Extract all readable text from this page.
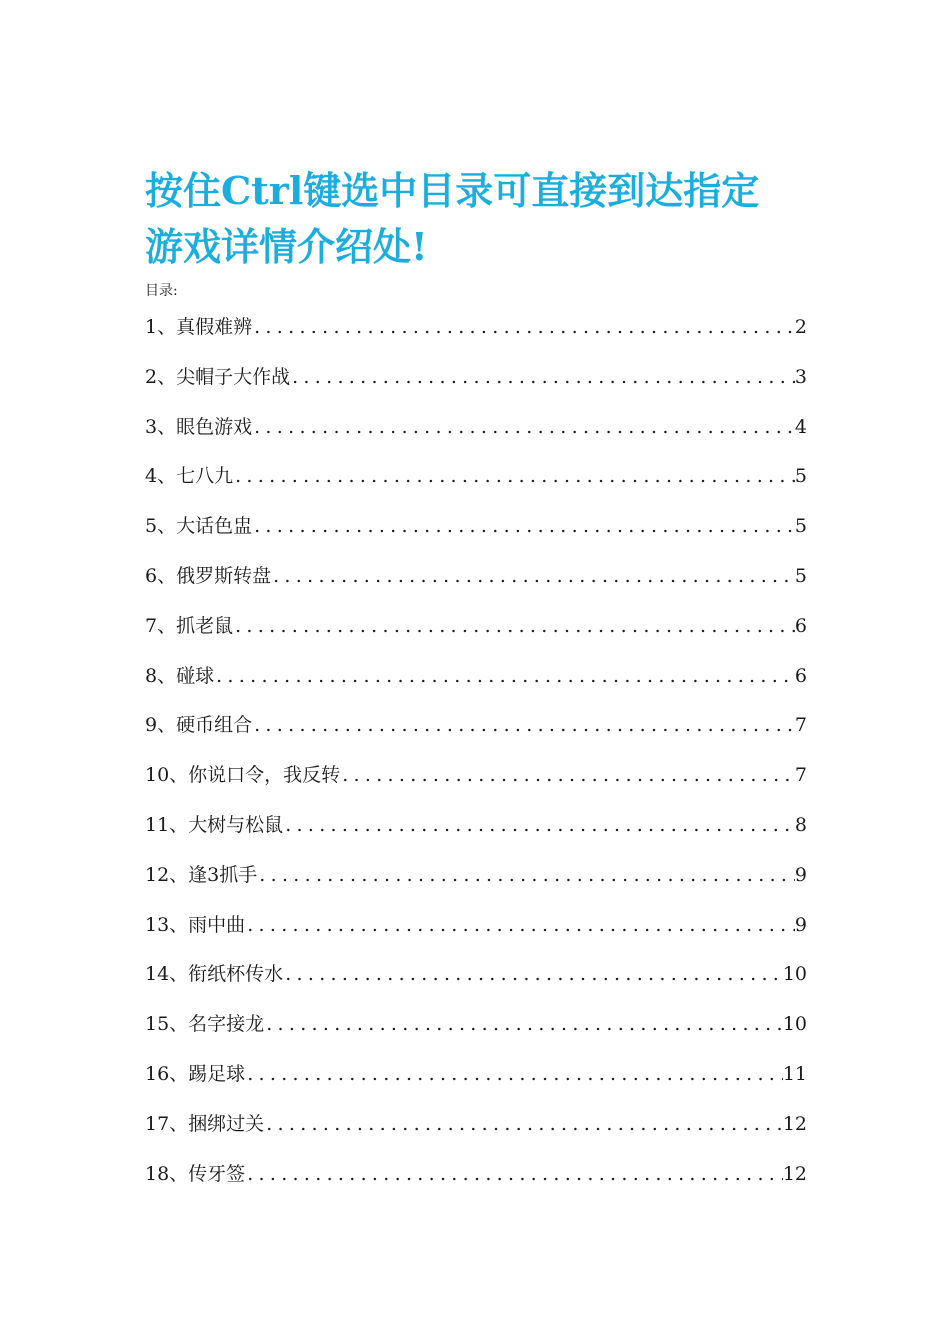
按住Ctrl键选中目录可直接到达指定游戏详情介绍处!
目录:
1、真假难辨 .....	2
2、尖帽子大作战 .....	3
3、眼色游戏 .....	4
4、七八九 .....	5
5、大话色盅 .....	5
6、俄罗斯转盘 .....	5
7、抓老鼠 .....	6
8、碰球 .....	6
9、硬币组合 .....	7
10、你说口令，我反转 .....	7
11、大树与松鼠 .....	8
12、逢3抓手 .....	9
13、雨中曲 .....	9
14、衔纸杯传水 .....	10
15、名字接龙 .....	10
16、踢足球 .....	11
17、捆绑过关 .....	12
18、传牙签 .....	12
